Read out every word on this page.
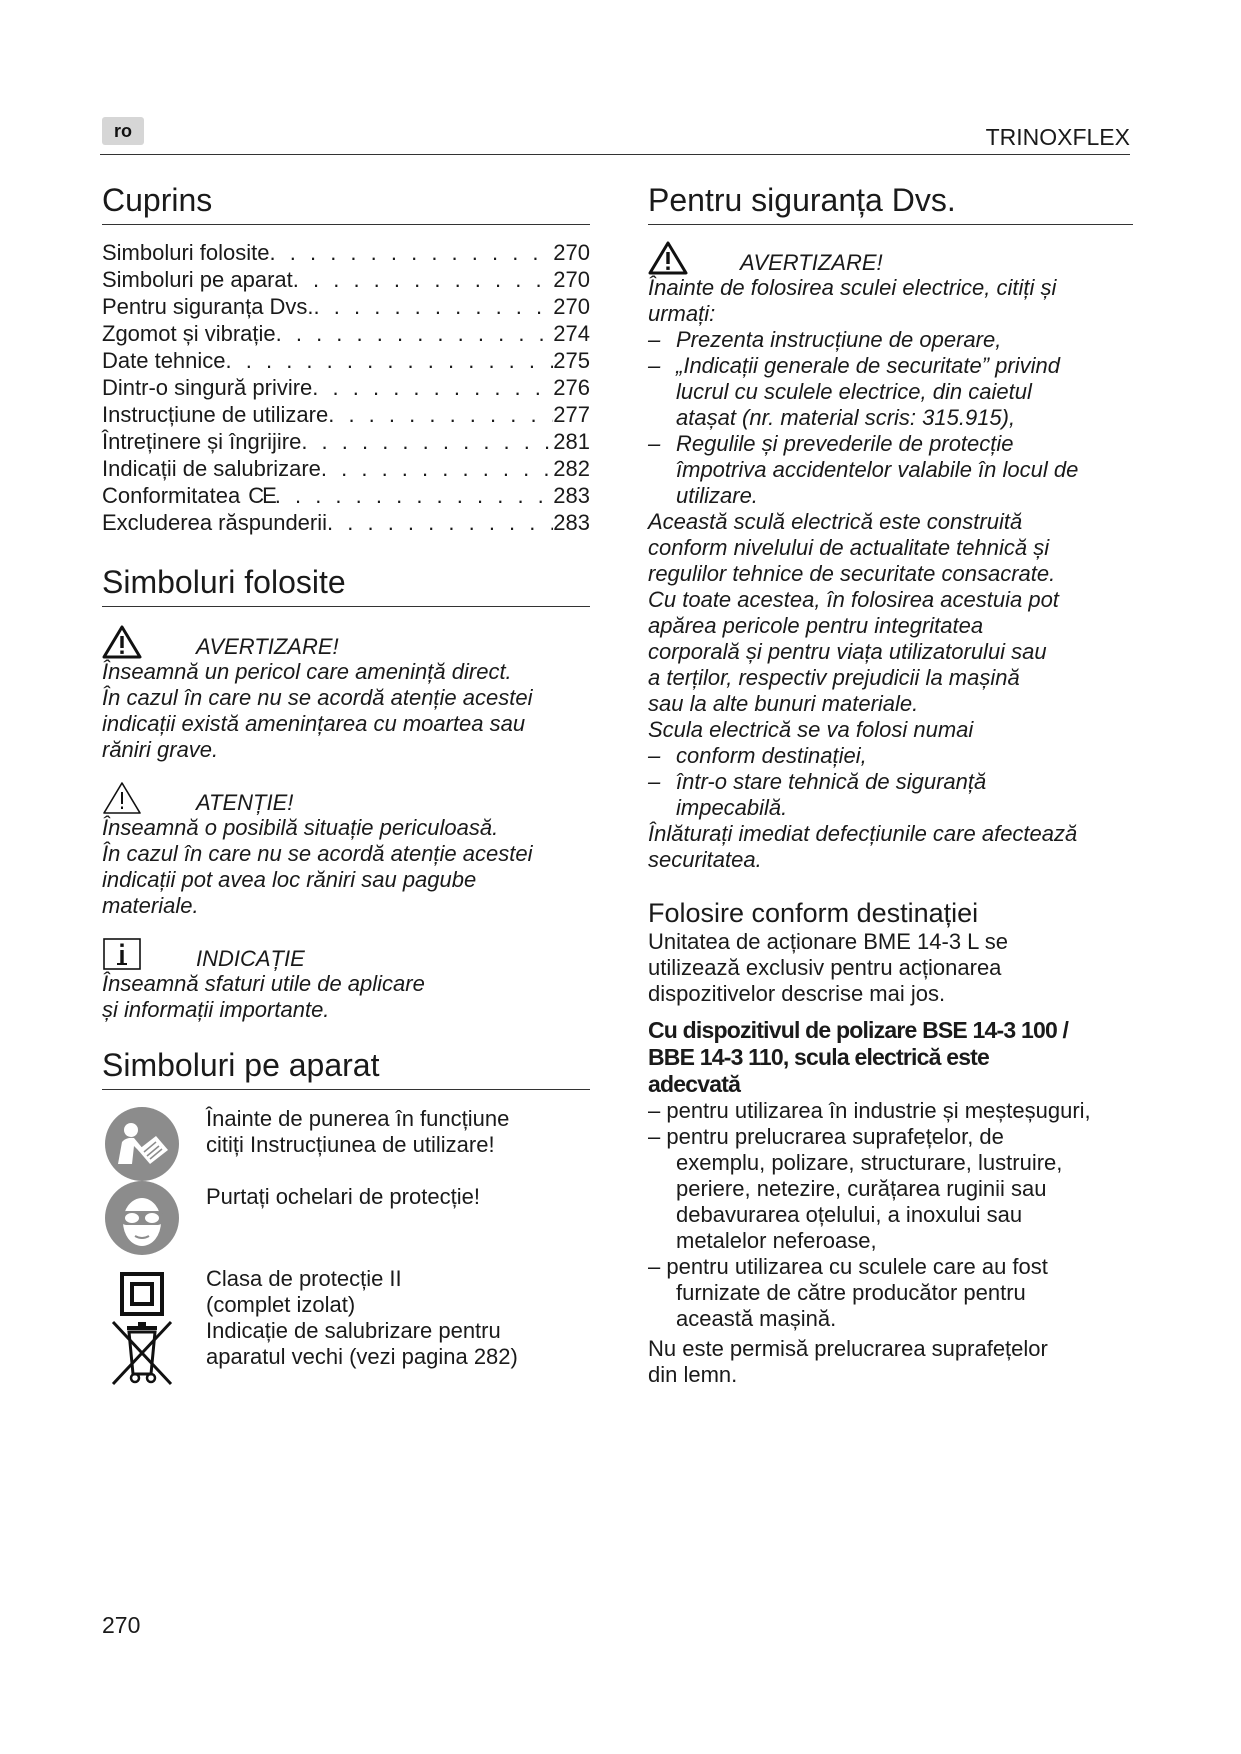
ro	TRINOXFLEX
Cuprins
Simboluri folosite . . .	270
Simboluri pe aparat . . .	270
Pentru siguranța Dvs. . . .	270
Zgomot și vibrație . . .	274
Date tehnice . . .	275
Dintr-o singură privire . . .	276
Instrucțiune de utilizare . . .	277
Întreținere și îngrijire . . .	281
Indicații de salubrizare . . .	282
Conformitatea CE . . .	283
Excluderea răspunderii . . .	283
Simboluri folosite
AVERTIZARE!

Înseamnă un pericol care amenință direct.

În cazul în care nu se acordă atenție acestei

indicații există amenințarea cu moartea sau

răniri grave.

ATENȚIE!

Înseamnă o posibilă situație periculoasă.

În cazul în care nu se acordă atenție acestei

indicații pot avea loc răniri sau pagube

materiale.

INDICAȚIE

Înseamnă sfaturi utile de aplicare

și informații importante.

Simboluri pe aparat
Înainte de punerea în funcțiune
citiți Instrucțiunea de utilizare!
Purtați ochelari de protecție!
Clasa de protecție II
(complet izolat)
Indicație de salubrizare pentru
aparatul vechi (vezi pagina 282)
Pentru siguranța Dvs.
AVERTIZARE!

Înainte de folosirea sculei electrice, citiți și

urmați:

– Prezenta instrucțiune de operare,
– „Indicații generale de securitate” privind
lucrul cu sculele electrice, din caietul
atașat (nr. material scris: 315.915),
– Regulile și prevederile de protecție
împotriva accidentelor valabile în locul de
utilizare.

Această sculă electrică este construită

conform nivelului de actualitate tehnică și

regulilor tehnice de securitate consacrate.

Cu toate acestea, în folosirea acestuia pot

apărea pericole pentru integritatea

corporală și pentru viața utilizatorului sau

a terților, respectiv prejudicii la mașină

sau la alte bunuri materiale.

Scula electrică se va folosi numai

– conform destinației,
– într-o stare tehnică de siguranță
impecabilă.

Înlăturați imediat defecțiunile care afectează

securitatea.

Folosire conform destinației

Unitatea de acționare BME 14-3 L se

utilizează exclusiv pentru acționarea

dispozitivelor descrise mai jos.

Cu dispozitivul de polizare BSE 14-3 100 /
BBE 14-3 110, scula electrică este
adecvată
– pentru utilizarea în industrie și meșteșuguri,
– pentru prelucrarea suprafețelor, de
exemplu, polizare, structurare, lustruire,
periere, netezire, curățarea ruginii sau
debavurarea oțelului, a inoxului sau
metalelor neferoase,
– pentru utilizarea cu sculele care au fost
furnizate de către producător pentru
această mașină.

Nu este permisă prelucrarea suprafețelor

din lemn.

270
